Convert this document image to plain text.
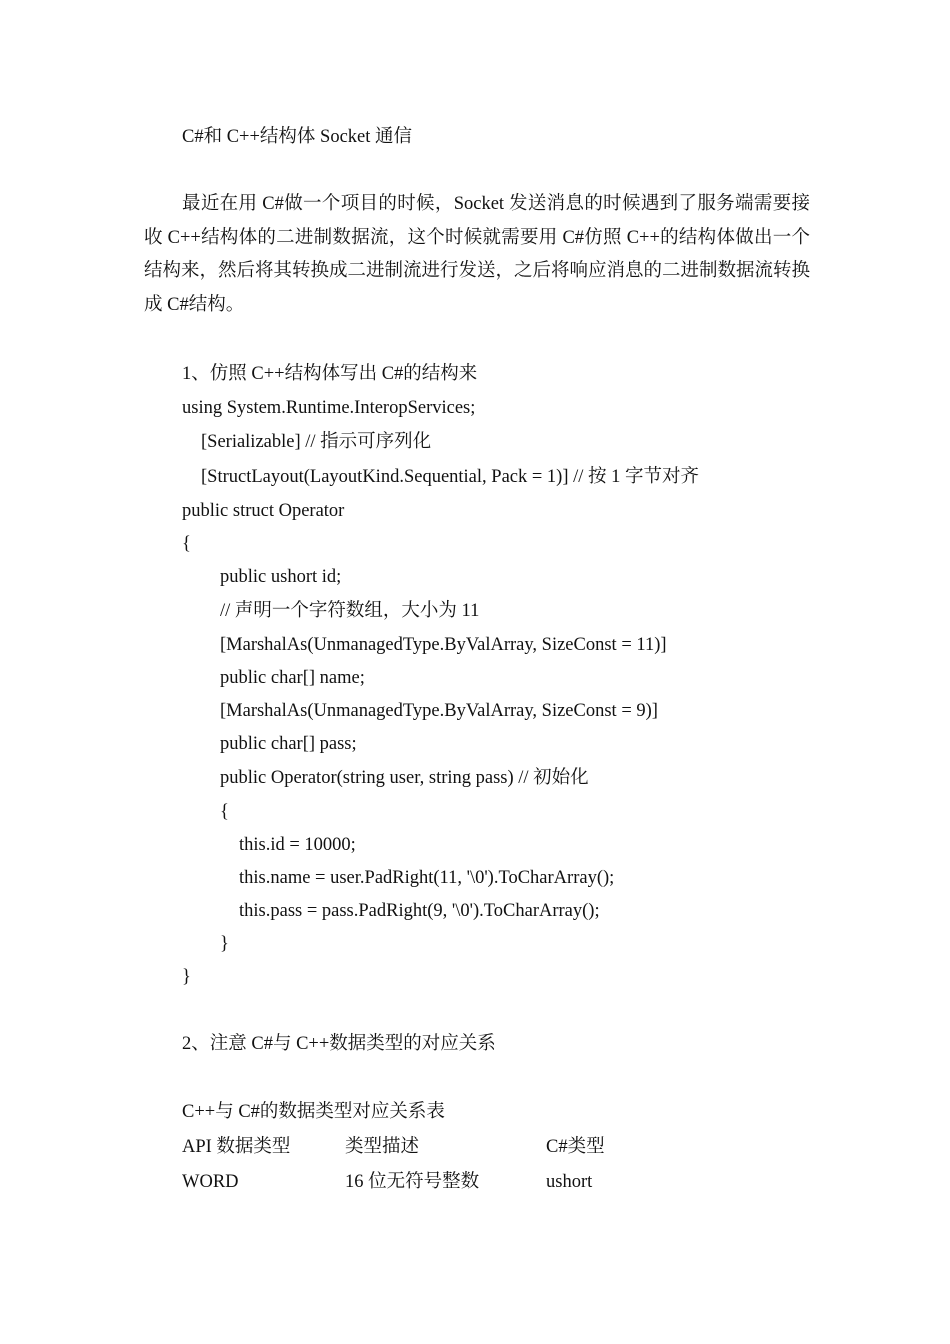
C#和 C++结构体 Socket 通信
最近在用 C#做一个项目的时候，Socket 发送消息的时候遇到了服务端需要接收 C++结构体的二进制数据流，这个时候就需要用 C#仿照 C++的结构体做出一个结构来，然后将其转换成二进制流进行发送，之后将响应消息的二进制数据流转换成 C#结构。
1、仿照 C++结构体写出 C#的结构来
using System.Runtime.InteropServices;
[Serializable] // 指示可序列化
[StructLayout(LayoutKind.Sequential, Pack = 1)] // 按 1 字节对齐
public struct Operator
{
public ushort id;
// 声明一个字符数组，大小为 11
[MarshalAs(UnmanagedType.ByValArray, SizeConst = 11)]
public char[] name;
[MarshalAs(UnmanagedType.ByValArray, SizeConst = 9)]
public char[] pass;
public Operator(string user, string pass) // 初始化
{
this.id = 10000;
this.name = user.PadRight(11, '\0').ToCharArray();
this.pass = pass.PadRight(9, '\0').ToCharArray();
}
}
2、注意 C#与 C++数据类型的对应关系
C++与 C#的数据类型对应关系表
API 数据类型	类型描述	C#类型
WORD	16 位无符号整数	ushort
